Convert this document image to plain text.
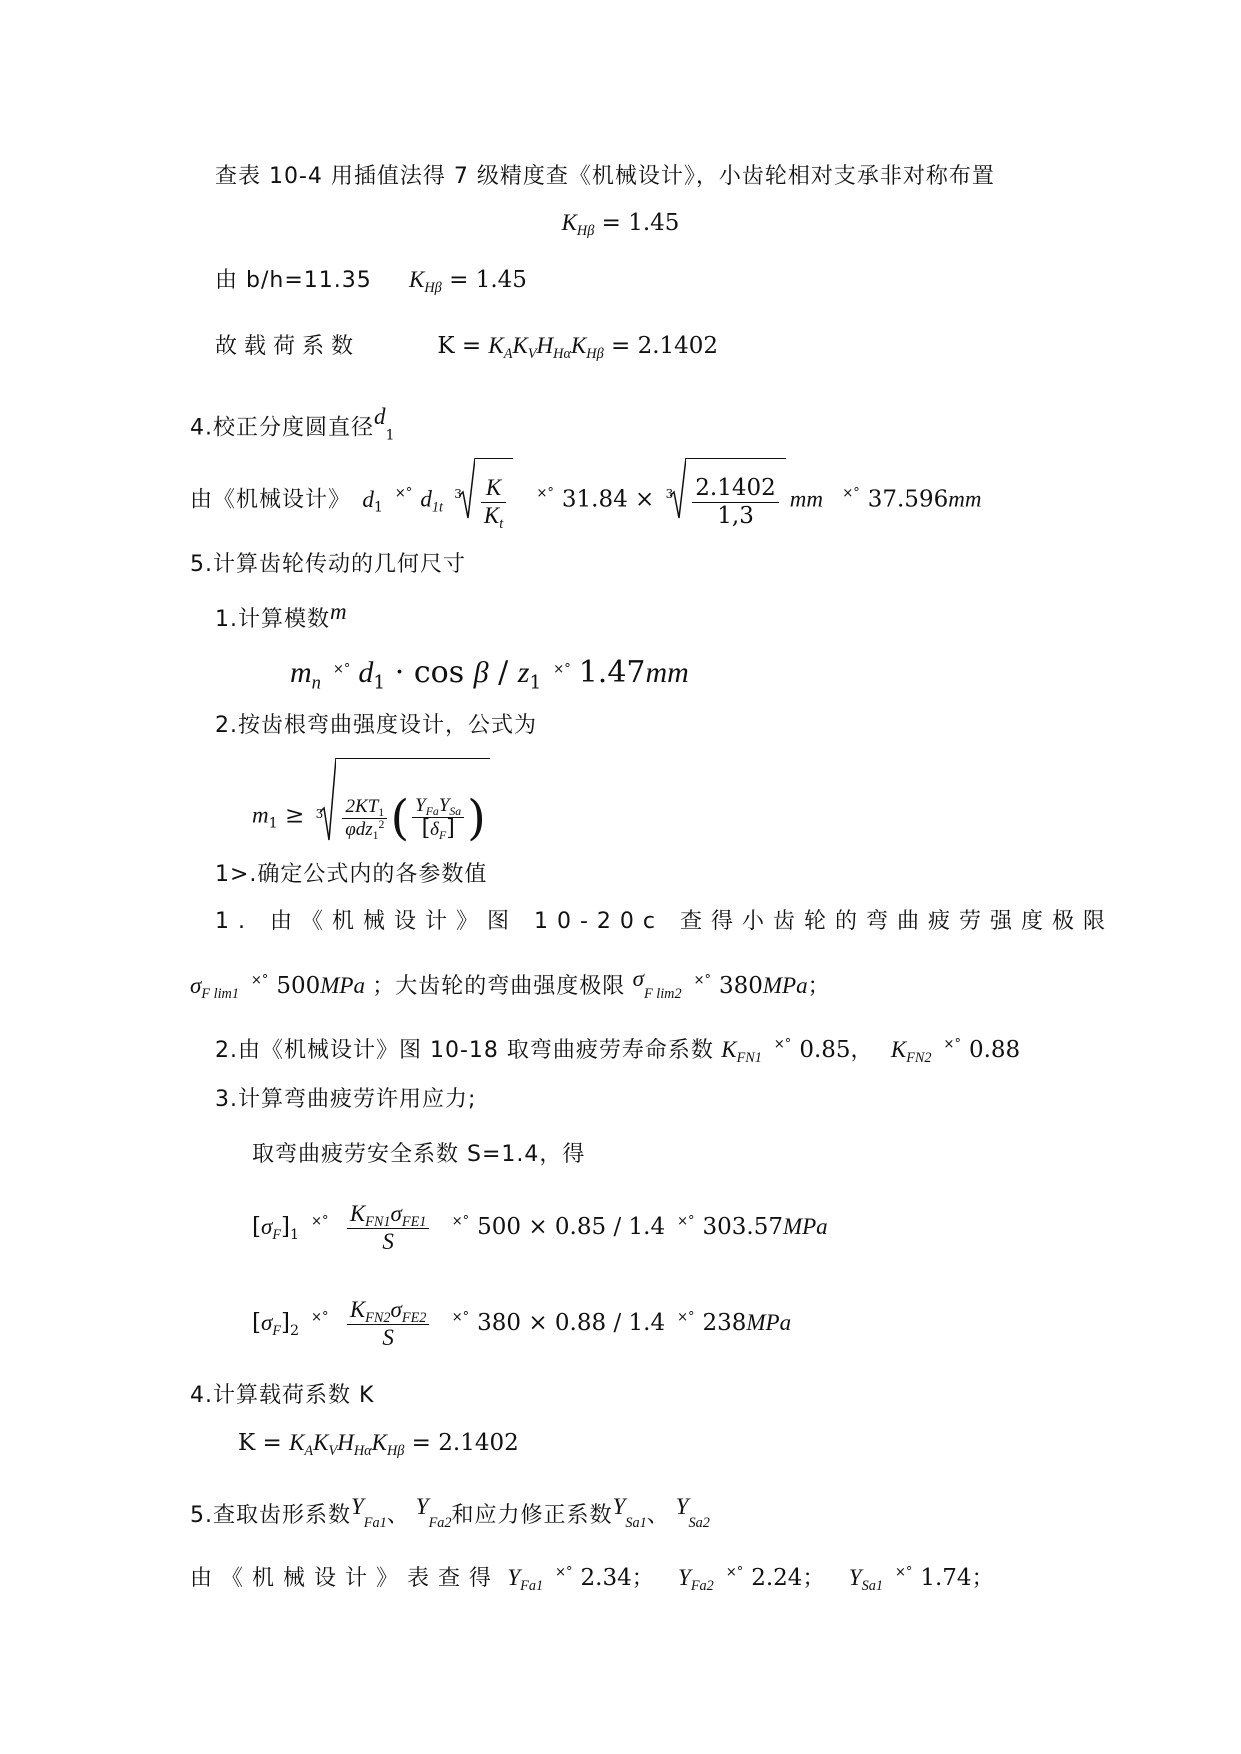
查表 10-4 用插值法得 7 级精度查《机械设计》，小齿轮相对支承非对称布置
$K_{H\beta} = 1.45$
由 b/h=11.35 $K_{H\beta} = 1.45$
故载荷系数	$K = K_AK_VH_{H\alpha}K_{H\beta} = 2.1402$
4.校正分度圆直径$d_1$
由《机械设计》 $d_1^{\times^\circ}$ $d_{1t}$
$3 \frac{K}{K_t} ^{\times^\circ}$ $31.84 \times 3 \frac{2.1402}{1,3}$ mm ×° 37.596mm
5.计算齿轮传动的几何尺寸
1.计算模数m
$m_n^{\times^\circ}$ $d_1 \cdot \cos \beta / z_1^{\times^\circ}$ 1.47mm
2.按齿根弯曲强度设计，公式为
$m_1 \ge 3 \frac{2KT_1}{\varphi dz_1^2}$ ( $\frac{Y_{Fa}Y_{Sa}}{[\delta_F]}$ )
1>.确定公式内的各参数值
1. 由《机械设计》图 10-20c 查得小齿轮的弯曲疲劳强度极限
$\sigma_{F lim1}^{\times^\circ}$ 500MPa ；大齿轮的弯曲强度极限 $\sigma_{F lim2}^{\times^\circ}$ 380MPa；
2.由《机械设计》图 10-18 取弯曲疲劳寿命系数 $K_{FN1}^{\times^\circ}$ 0.85， $K_{FN2}^{\times^\circ}$ 0.88
3.计算弯曲疲劳许用应力;
取弯曲疲劳安全系数 S=1.4，得
$[\sigma_F]_1^{\times^\circ} \frac{K_{FN1}\sigma_{FE1}}{S} ^{\times^\circ}$ 500 × 0.85 / 1.4 ×° 303.57MPa
$[\sigma_F]_2^{\times^\circ} \frac{K_{FN2}\sigma_{FE2}}{S} ^{\times^\circ}$ 380 × 0.88 / 1.4 ×° 238MPa
4.计算载荷系数 K
$K = K_AK_VH_{H\alpha}K_{H\beta} = 2.1402$
5.查取齿形系数$Y_{Fa1}$、 $Y_{Fa2}$和应力修正系数$Y_{Sa1}$、 $Y_{Sa2}$
由《机械设计》表查得 $Y_{Fa1}^{\times^\circ}$ 2.34； $Y_{Fa2}^{\times^\circ}$ 2.24； $Y_{Sa1}^{\times^\circ}$ 1.74；
